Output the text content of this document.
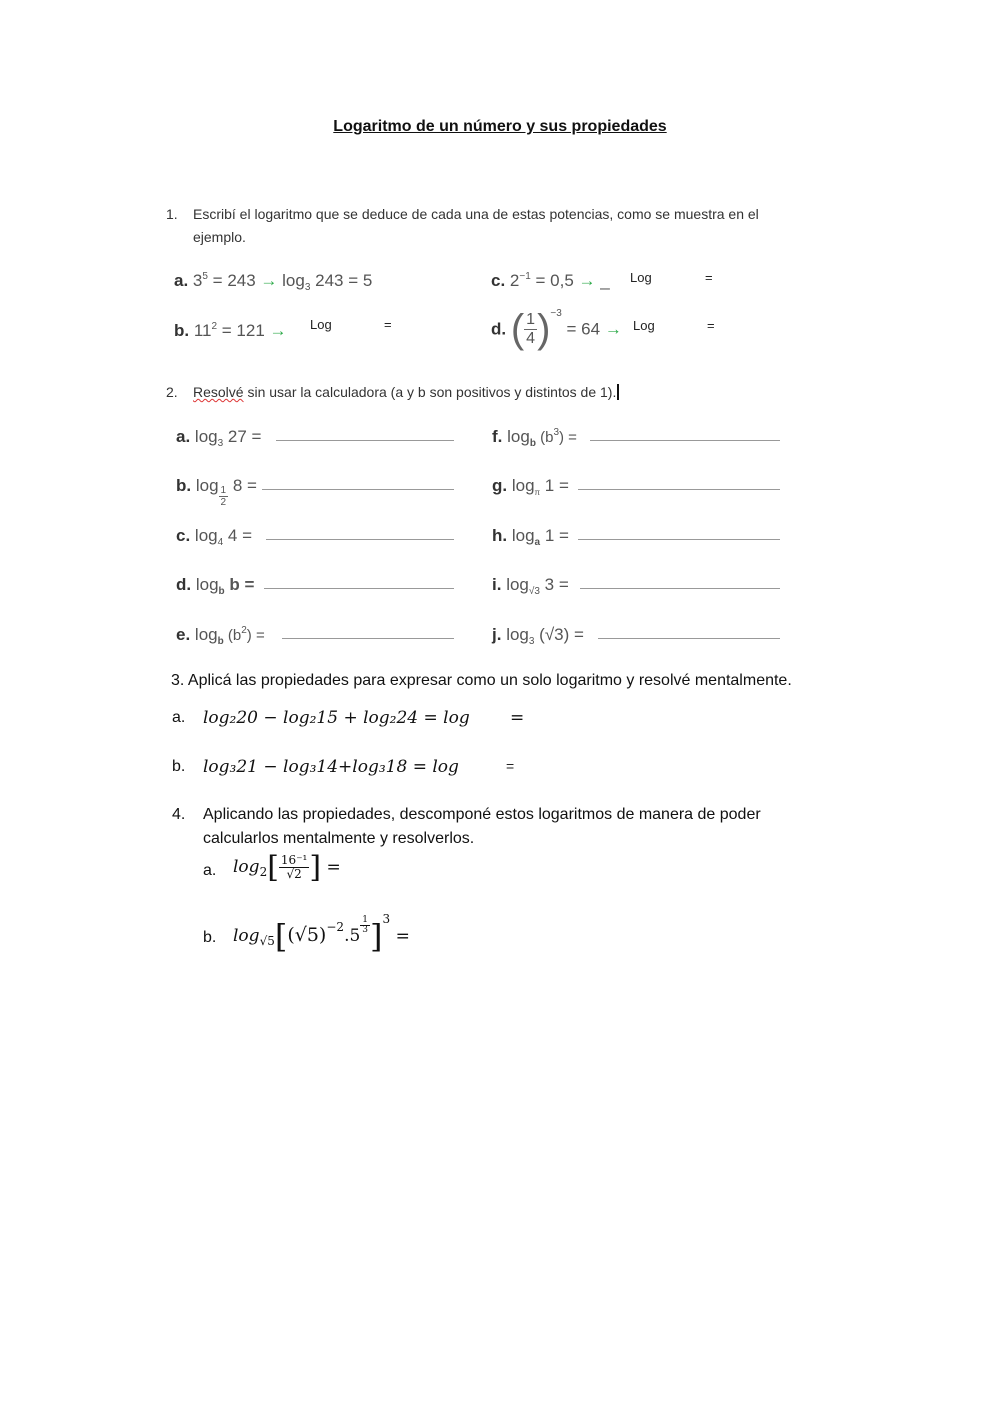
Logaritmo de un número y sus propiedades
1. Escribí el logaritmo que se deduce de cada una de estas potencias, como se muestra en el
ejemplo.
a. $3^5 = 243 \to \log_3 243 = 5$	c. $2^{-1} = 0,5$ → _ Log	=
b. $11^2 = 121$ → Log	=	d. ( $\frac{1}{4} )^{-3} = 64$ → Log	=
2. Resolvé sin usar la calculadora (a y b son positivos y distintos de 1).
a. $\log_3 27$ =
b. $\log \frac{1}{2} 8$ =
c. $\log_4 4$ =
d. $\log_b b$ =
e. $\log_b (b^2)$ =
f. $\log_b (b^3)$ =
g. $\log_\pi 1$ =
h. $\log_a 1$ =
i. $\log_{√3} 3$ =
j. $\log_3 (√3)$ =
3. Aplicá las propiedades para expresar como un solo logaritmo y resolvé mentalmente.
a. log₂20 − log₂15 + log₂24 = log =
b. log₃21 − log₃14+log₃18 = log	=
4. Aplicando las propiedades, descomponé estos logaritmos de manera de poder
calcularlos mentalmente y resolverlos.
a. $\log_2[ \frac{\text{16⁻¹}}{√2}$ ] =
b. $\log_{√5}[(√5)^{-2}.5$
$\frac{1}{3} ]^3$ =
